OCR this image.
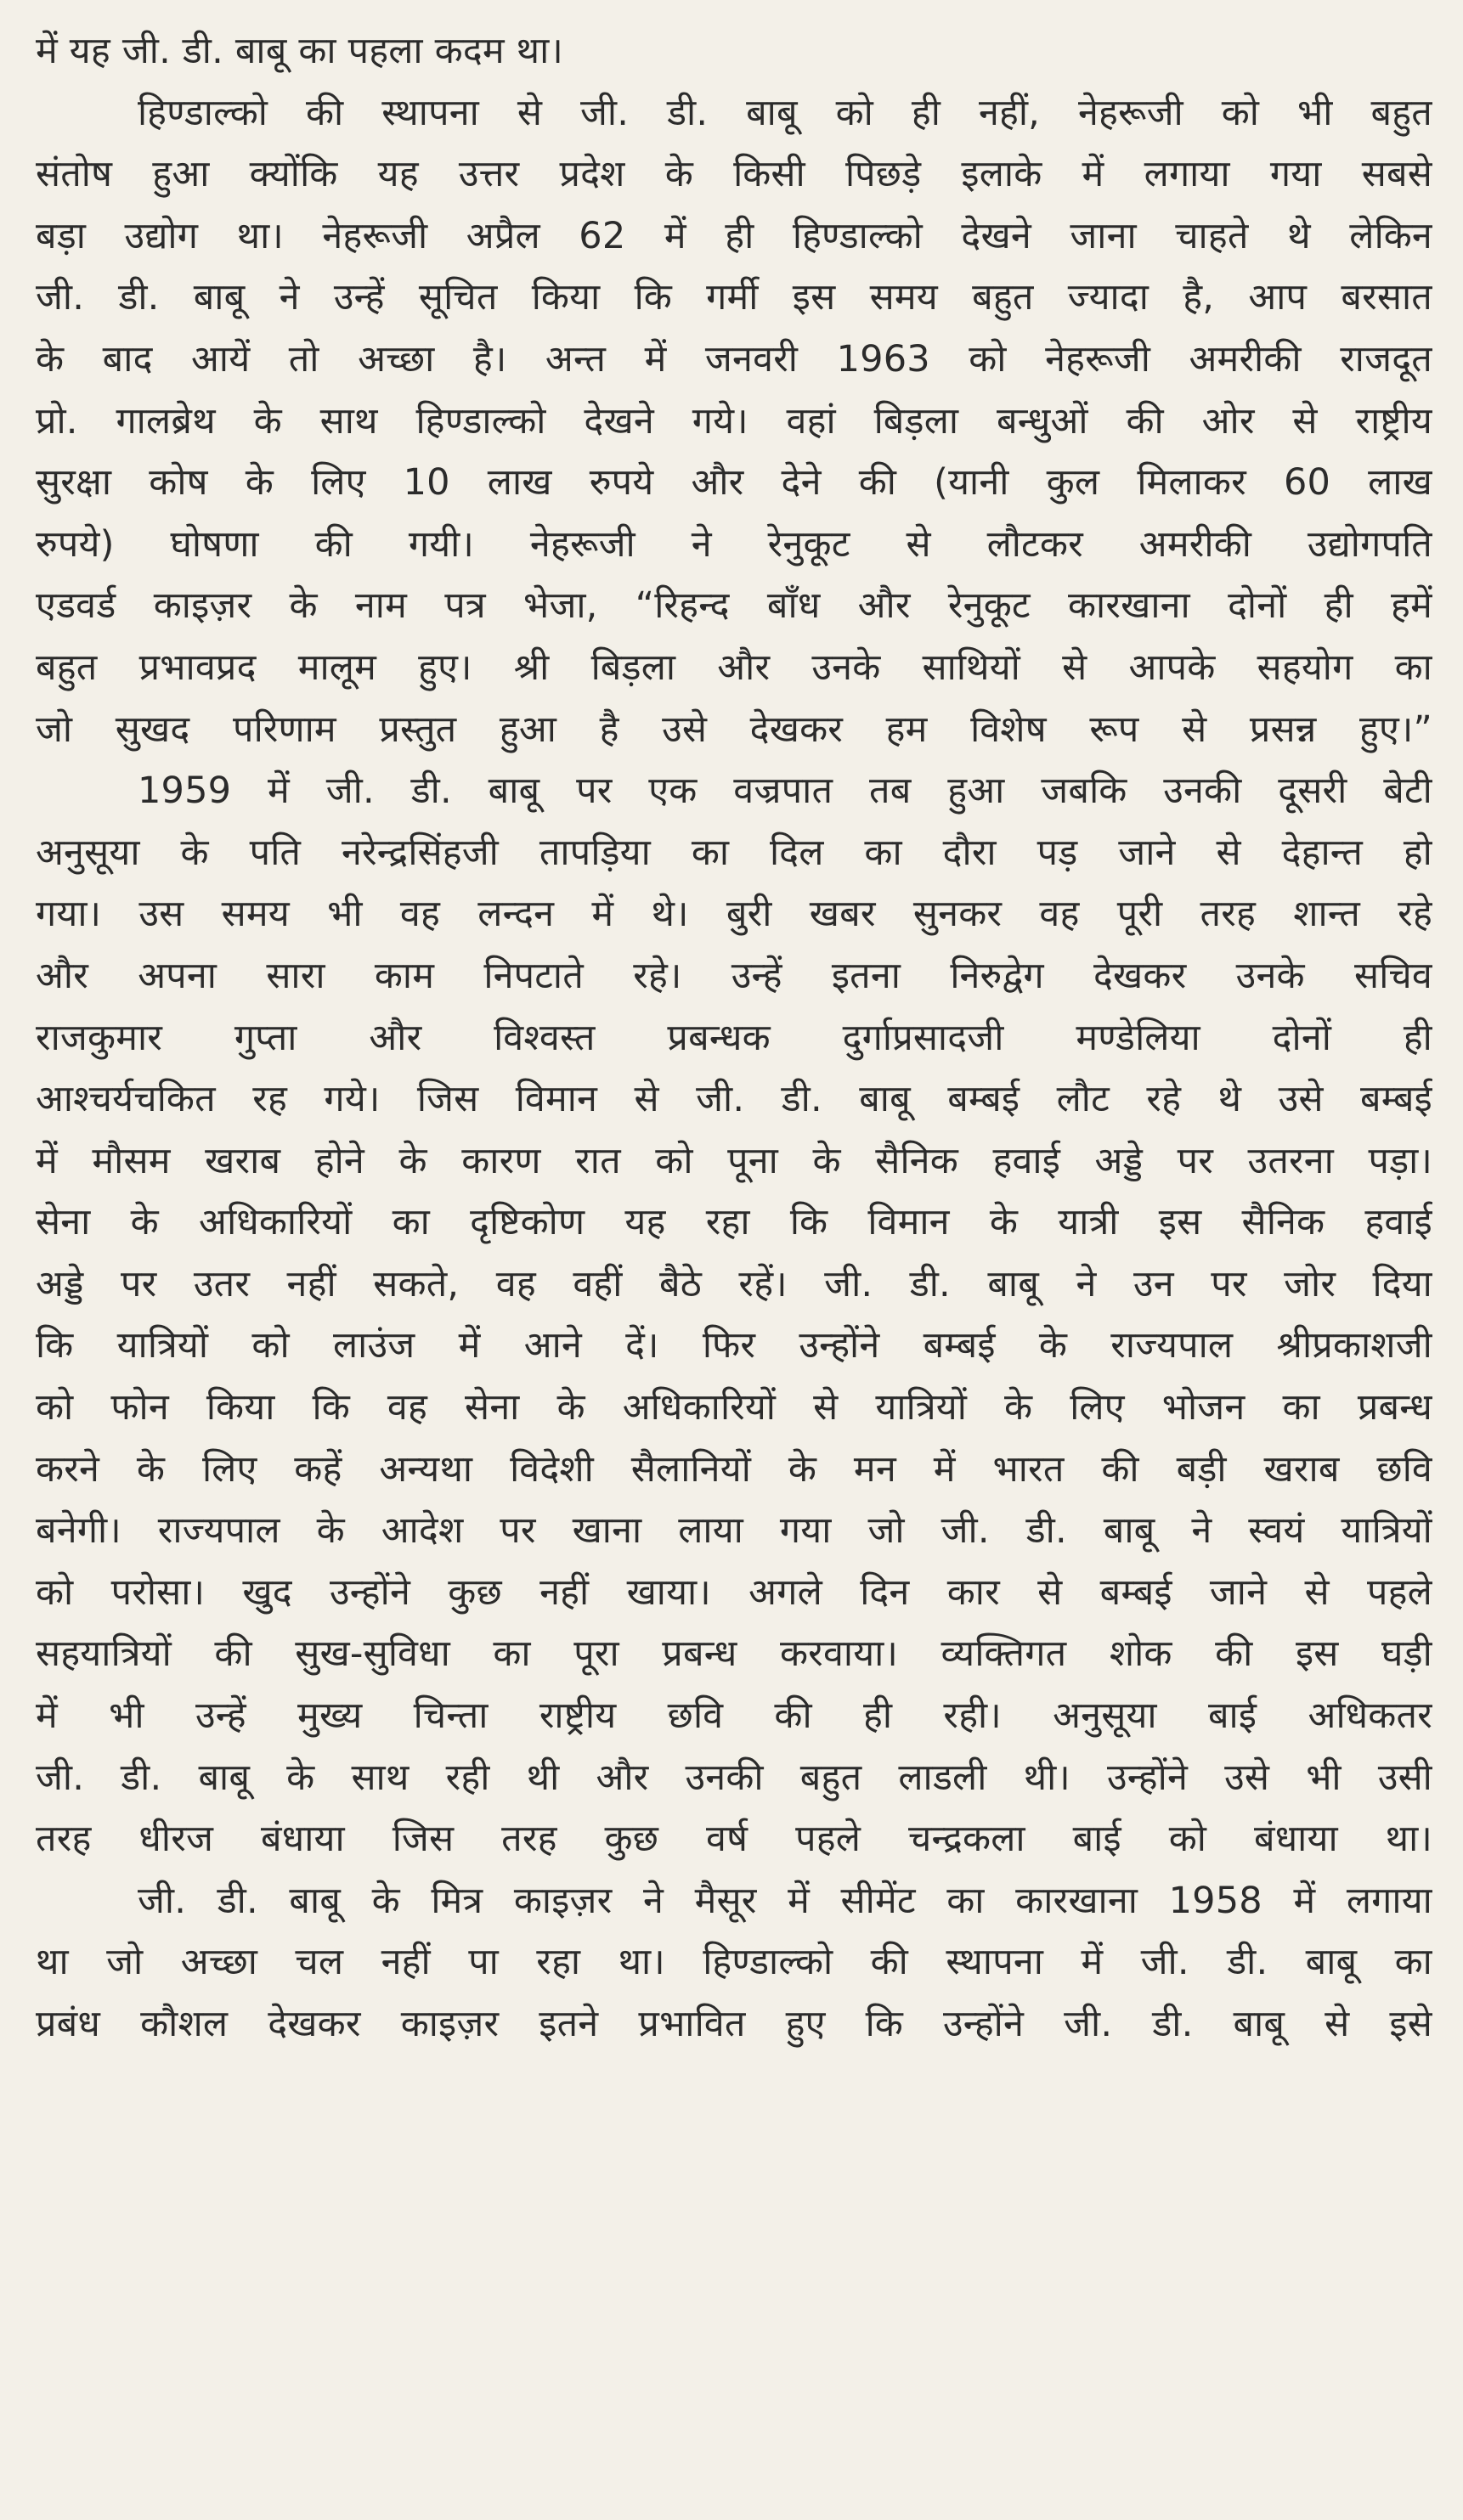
में यह जी. डी. बाबू का पहला कदम था।
हिण्डाल्को की स्थापना से जी. डी. बाबू को ही नहीं, नेहरूजी को भी बहुत
संतोष हुआ क्योंकि यह उत्तर प्रदेश के किसी पिछड़े इलाके में लगाया गया सबसे
बड़ा उद्योग था। नेहरूजी अप्रैल 62 में ही हिण्डाल्को देखने जाना चाहते थे लेकिन
जी. डी. बाबू ने उन्हें सूचित किया कि गर्मी इस समय बहुत ज्यादा है, आप बरसात
के बाद आयें तो अच्छा है। अन्त में जनवरी 1963 को नेहरूजी अमरीकी राजदूत
प्रो. गालब्रेथ के साथ हिण्डाल्को देखने गये। वहां बिड़ला बन्धुओं की ओर से राष्ट्रीय
सुरक्षा कोष के लिए 10 लाख रुपये और देने की (यानी कुल मिलाकर 60 लाख
रुपये) घोषणा की गयी। नेहरूजी ने रेनुकूट से लौटकर अमरीकी उद्योगपति
एडवर्ड काइज़र के नाम पत्र भेजा, “रिहन्द बाँध और रेनुकूट कारखाना दोनों ही हमें
बहुत प्रभावप्रद मालूम हुए। श्री बिड़ला और उनके साथियों से आपके सहयोग का
जो सुखद परिणाम प्रस्तुत हुआ है उसे देखकर हम विशेष रूप से प्रसन्न हुए।”
1959 में जी. डी. बाबू पर एक वज्रपात तब हुआ जबकि उनकी दूसरी बेटी
अनुसूया के पति नरेन्द्रसिंहजी तापड़िया का दिल का दौरा पड़ जाने से देहान्त हो
गया। उस समय भी वह लन्दन में थे। बुरी खबर सुनकर वह पूरी तरह शान्त रहे
और अपना सारा काम निपटाते रहे। उन्हें इतना निरुद्वेग देखकर उनके सचिव
राजकुमार गुप्ता और विश्वस्त प्रबन्धक दुर्गाप्रसादजी मण्डेलिया दोनों ही
आश्चर्यचकित रह गये। जिस विमान से जी. डी. बाबू बम्बई लौट रहे थे उसे बम्बई
में मौसम खराब होने के कारण रात को पूना के सैनिक हवाई अड्डे पर उतरना पड़ा।
सेना के अधिकारियों का दृष्टिकोण यह रहा कि विमान के यात्री इस सैनिक हवाई
अड्डे पर उतर नहीं सकते, वह वहीं बैठे रहें। जी. डी. बाबू ने उन पर जोर दिया
कि यात्रियों को लाउंज में आने दें। फिर उन्होंने बम्बई के राज्यपाल श्रीप्रकाशजी
को फोन किया कि वह सेना के अधिकारियों से यात्रियों के लिए भोजन का प्रबन्ध
करने के लिए कहें अन्यथा विदेशी सैलानियों के मन में भारत की बड़ी खराब छवि
बनेगी। राज्यपाल के आदेश पर खाना लाया गया जो जी. डी. बाबू ने स्वयं यात्रियों
को परोसा। खुद उन्होंने कुछ नहीं खाया। अगले दिन कार से बम्बई जाने से पहले
सहयात्रियों की सुख-सुविधा का पूरा प्रबन्ध करवाया। व्यक्तिगत शोक की इस घड़ी
में भी उन्हें मुख्य चिन्ता राष्ट्रीय छवि की ही रही। अनुसूया बाई अधिकतर
जी. डी. बाबू के साथ रही थी और उनकी बहुत लाडली थी। उन्होंने उसे भी उसी
तरह धीरज बंधाया जिस तरह कुछ वर्ष पहले चन्द्रकला बाई को बंधाया था।
जी. डी. बाबू के मित्र काइज़र ने मैसूर में सीमेंट का कारखाना 1958 में लगाया
था जो अच्छा चल नहीं पा रहा था। हिण्डाल्को की स्थापना में जी. डी. बाबू का
प्रबंध कौशल देखकर काइज़र इतने प्रभावित हुए कि उन्होंने जी. डी. बाबू से इसे
